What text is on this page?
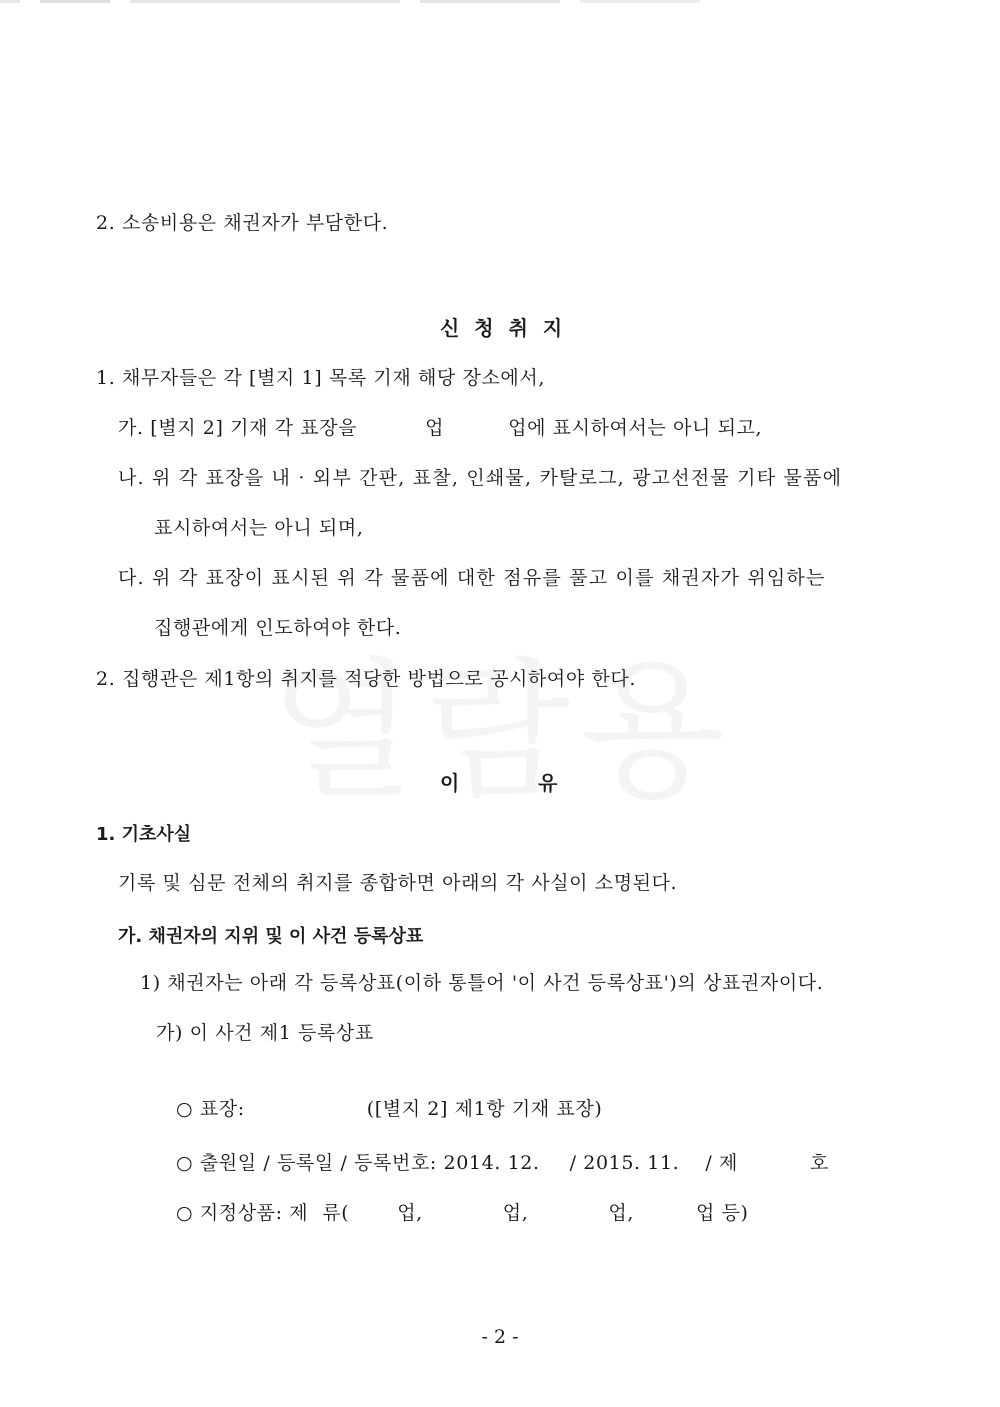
2. 소송비용은 채권자가 부담한다.
신 청 취 지
1. 채무자들은 각 [별지 1] 목록 기재 해당 장소에서,
가. [별지 2] 기재 각 표장을	업	업에 표시하여서는 아니 되고,
나. 위 각 표장을 내 · 외부 간판, 표찰, 인쇄물, 카탈로그, 광고선전물 기타 물품에
표시하여서는 아니 되며,
다. 위 각 표장이 표시된 위 각 물품에 대한 점유를 풀고 이를 채권자가 위임하는
집행관에게 인도하여야 한다.
2. 집행관은 제1항의 취지를 적당한 방법으로 공시하여야 한다.
이	유
1. 기초사실
기록 및 심문 전체의 취지를 종합하면 아래의 각 사실이 소명된다.
가. 채권자의 지위 및 이 사건 등록상표
1) 채권자는 아래 각 등록상표(이하 통틀어 '이 사건 등록상표')의 상표권자이다.
가) 이 사건 제1 등록상표
○ 표장:	([별지 2] 제1항 기재 표장)
○ 출원일 / 등록일 / 등록번호: 2014. 12. / 2015. 11. / 제	호
○ 지정상품: 제 류(	업,	업,	업,	업 등)
- 2 -
